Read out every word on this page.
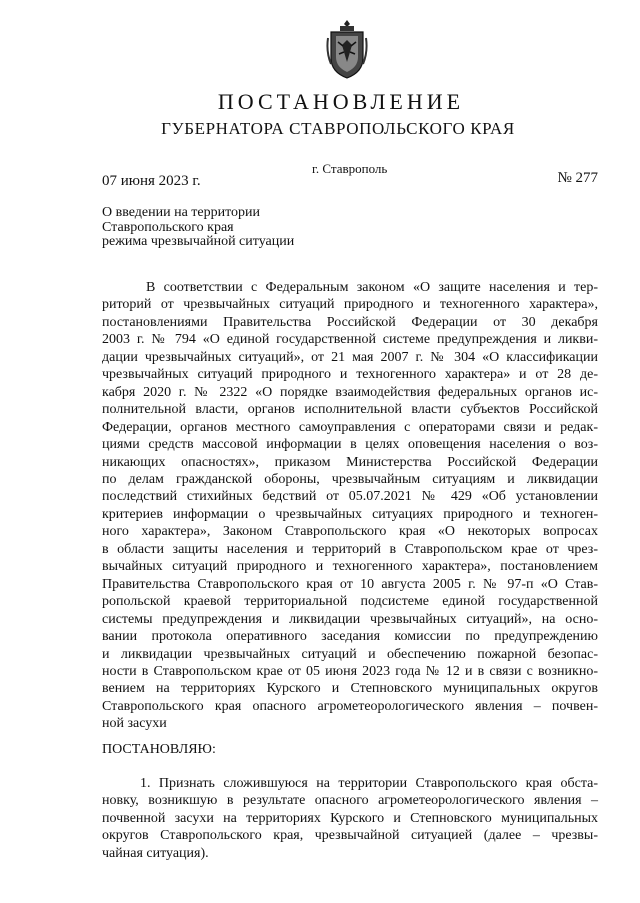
ПОСТАНОВЛЕНИЕ
ГУБЕРНАТОРА СТАВРОПОЛЬСКОГО КРАЯ
г. Ставрополь
07 июня 2023 г.	№ 277
О введении на территории
Ставропольского края
режима чрезвычайной ситуации
В соответствии с Федеральным законом «О защите населения и тер-
риторий от чрезвычайных ситуаций природного и техногенного характера»,
постановлениями Правительства Российской Федерации от 30 декабря
2003 г. № 794 «О единой государственной системе предупреждения и ликви-
дации чрезвычайных ситуаций», от 21 мая 2007 г. № 304 «О классификации
чрезвычайных ситуаций природного и техногенного характера» и от 28 де-
кабря 2020 г. № 2322 «О порядке взаимодействия федеральных органов ис-
полнительной власти, органов исполнительной власти субъектов Российской
Федерации, органов местного самоуправления с операторами связи и редак-
циями средств массовой информации в целях оповещения населения о воз-
никающих опасностях», приказом Министерства Российской Федерации
по делам гражданской обороны, чрезвычайным ситуациям и ликвидации
последствий стихийных бедствий от 05.07.2021 № 429 «Об установлении
критериев информации о чрезвычайных ситуациях природного и техноген-
ного характера», Законом Ставропольского края «О некоторых вопросах
в области защиты населения и территорий в Ставропольском крае от чрез-
вычайных ситуаций природного и техногенного характера», постановлением
Правительства Ставропольского края от 10 августа 2005 г. № 97-п «О Став-
ропольской краевой территориальной подсистеме единой государственной
системы предупреждения и ликвидации чрезвычайных ситуаций», на осно-
вании протокола оперативного заседания комиссии по предупреждению
и ликвидации чрезвычайных ситуаций и обеспечению пожарной безопас-
ности в Ставропольском крае от 05 июня 2023 года № 12 и в связи с возникно-
вением на территориях Курского и Степновского муниципальных округов
Ставропольского края опасного агрометеорологического явления – почвен-
ной засухи
ПОСТАНОВЛЯЮ:
1. Признать сложившуюся на территории Ставропольского края обста-
новку, возникшую в результате опасного агрометеорологического явления –
почвенной засухи на территориях Курского и Степновского муниципальных
округов Ставропольского края, чрезвычайной ситуацией (далее – чрезвы-
чайная ситуация).
